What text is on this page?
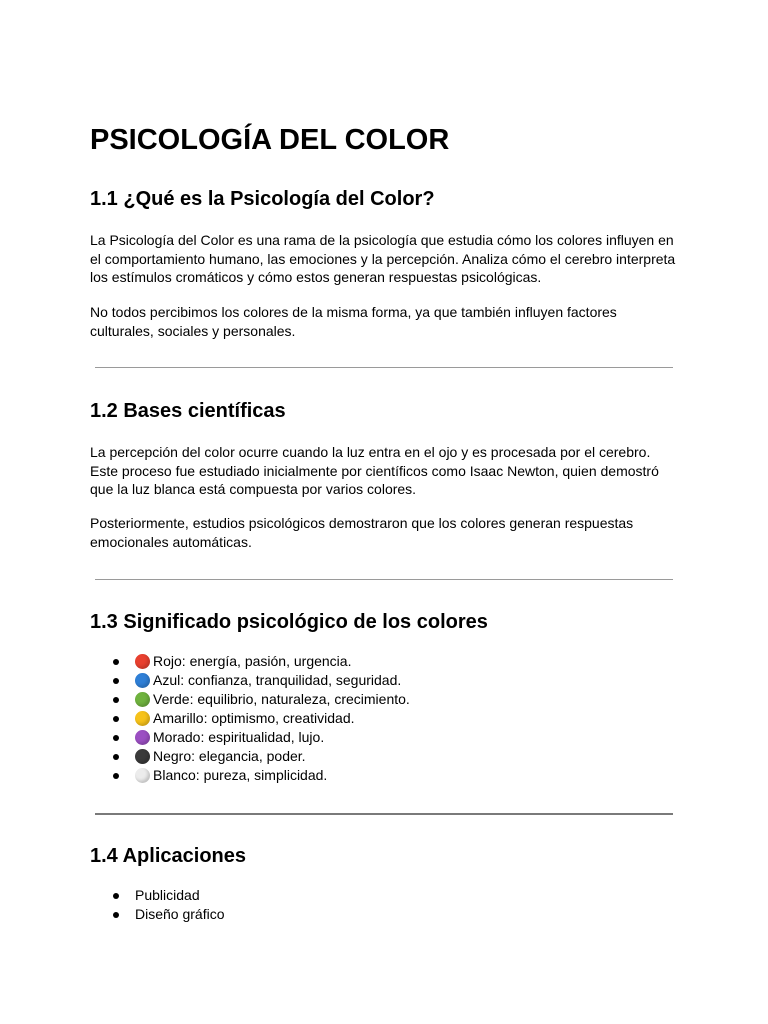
PSICOLOGÍA DEL COLOR
1.1 ¿Qué es la Psicología del Color?

La Psicología del Color es una rama de la psicología que estudia cómo los colores influyen en el comportamiento humano, las emociones y la percepción. Analiza cómo el cerebro interpreta los estímulos cromáticos y cómo estos generan respuestas psicológicas.

No todos percibimos los colores de la misma forma, ya que también influyen factores culturales, sociales y personales.

1.2 Bases científicas

La percepción del color ocurre cuando la luz entra en el ojo y es procesada por el cerebro. Este proceso fue estudiado inicialmente por científicos como Isaac Newton, quien demostró que la luz blanca está compuesta por varios colores.

Posteriormente, estudios psicológicos demostraron que los colores generan respuestas emocionales automáticas.

1.3 Significado psicológico de los colores
Rojo: energía, pasión, urgencia.
Azul: confianza, tranquilidad, seguridad.
Verde: equilibrio, naturaleza, crecimiento.
Amarillo: optimismo, creatividad.
Morado: espiritualidad, lujo.
Negro: elegancia, poder.
Blanco: pureza, simplicidad.
1.4 Aplicaciones
Publicidad
Diseño gráfico
